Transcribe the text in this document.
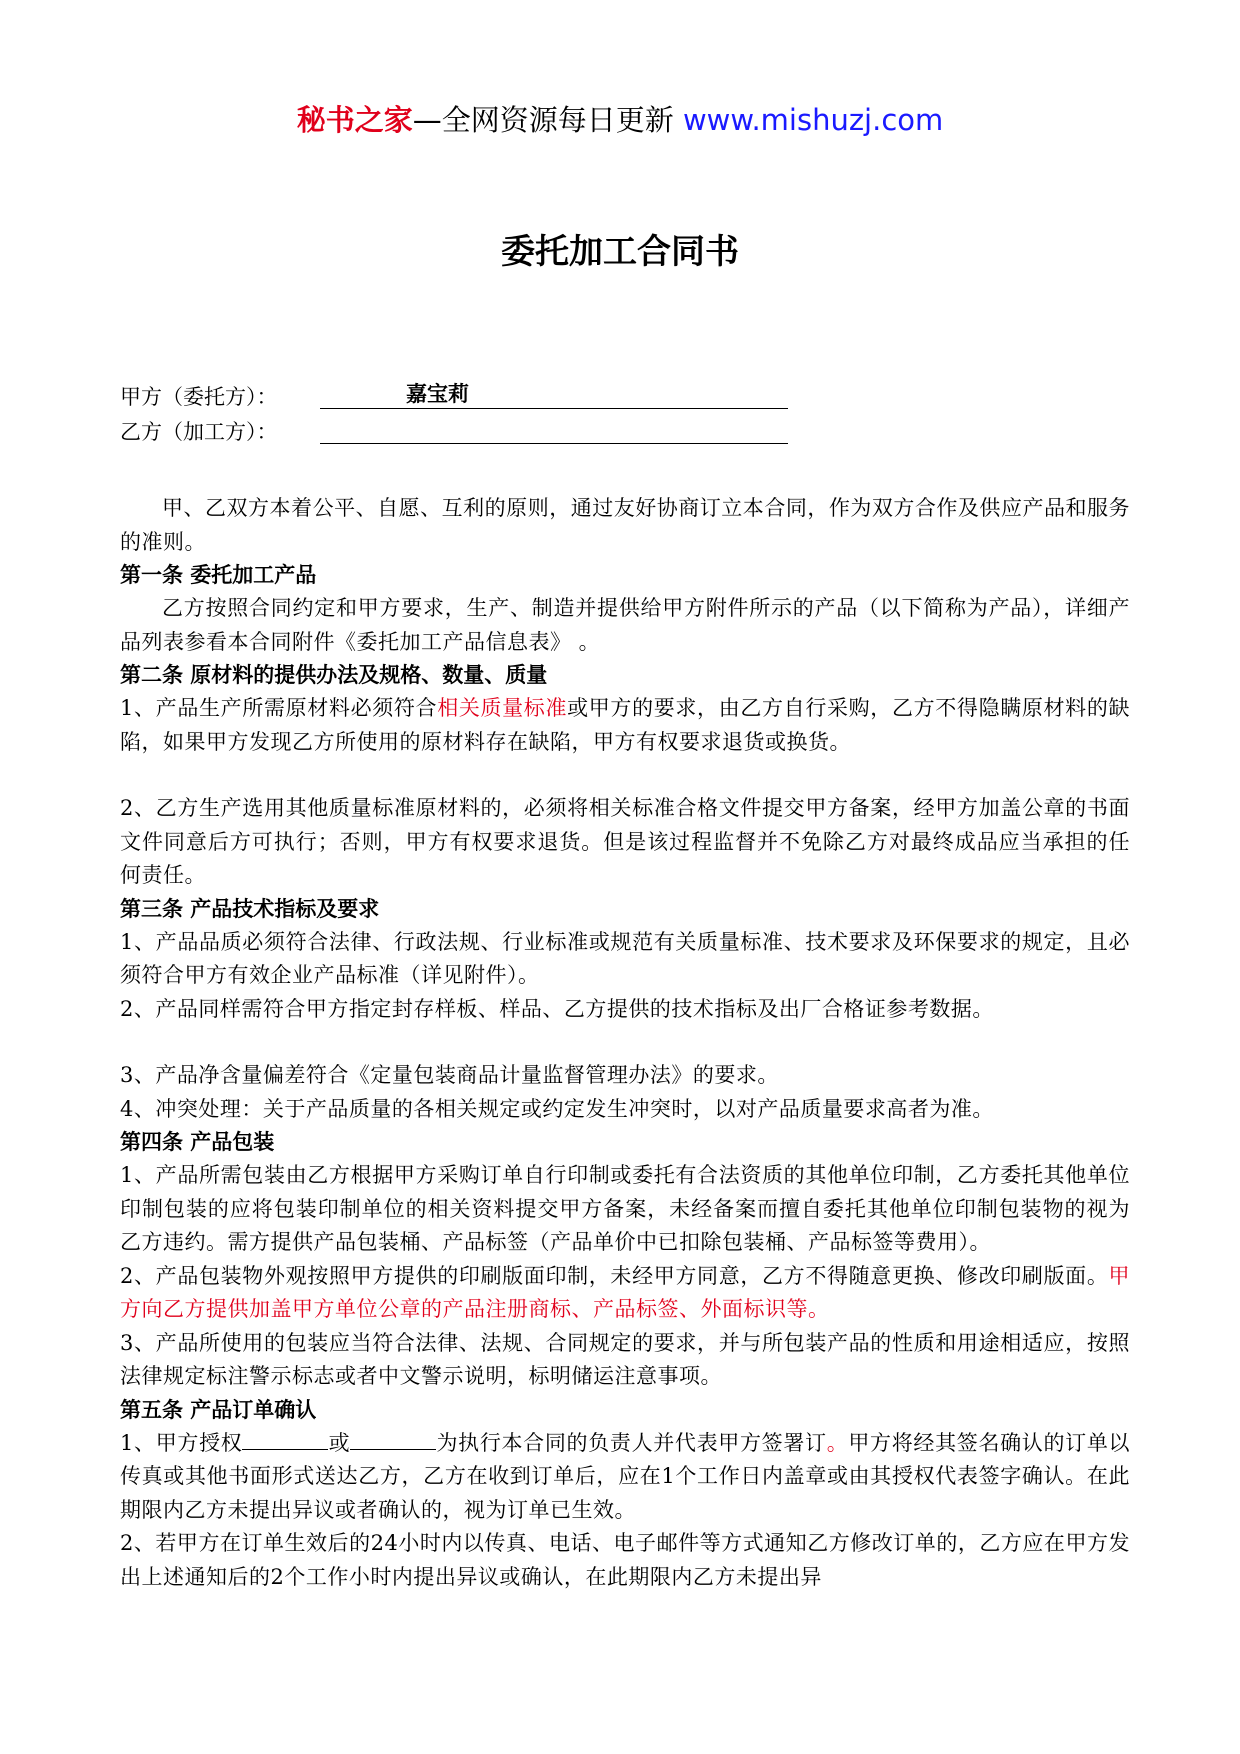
秘书之家—全网资源每日更新 www.mishuzj.com
委托加工合同书
甲方（委托方）：	嘉宝莉
乙方（加工方）：

甲、乙双方本着公平、自愿、互利的原则，通过友好协商订立本合同，作为双方合作及供应产品和服务的准则。

第一条 委托加工产品

乙方按照合同约定和甲方要求，生产、制造并提供给甲方附件所示的产品（以下简称为产品），详细产品列表参看本合同附件《委托加工产品信息表》 。

第二条 原材料的提供办法及规格、数量、质量

1、产品生产所需原材料必须符合相关质量标准或甲方的要求，由乙方自行采购，乙方不得隐瞒原材料的缺陷，如果甲方发现乙方所使用的原材料存在缺陷，甲方有权要求退货或换货。

2、乙方生产选用其他质量标准原材料的，必须将相关标准合格文件提交甲方备案，经甲方加盖公章的书面文件同意后方可执行；否则，甲方有权要求退货。但是该过程监督并不免除乙方对最终成品应当承担的任何责任。

第三条 产品技术指标及要求

1、产品品质必须符合法律、行政法规、行业标准或规范有关质量标准、技术要求及环保要求的规定，且必须符合甲方有效企业产品标准（详见附件）。

2、产品同样需符合甲方指定封存样板、样品、乙方提供的技术指标及出厂合格证参考数据。

3、产品净含量偏差符合《定量包装商品计量监督管理办法》的要求。

4、冲突处理：关于产品质量的各相关规定或约定发生冲突时，以对产品质量要求高者为准。

第四条 产品包装

1、产品所需包装由乙方根据甲方采购订单自行印制或委托有合法资质的其他单位印制，乙方委托其他单位印制包装的应将包装印制单位的相关资料提交甲方备案，未经备案而擅自委托其他单位印制包装物的视为乙方违约。需方提供产品包装桶、产品标签（产品单价中已扣除包装桶、产品标签等费用）。

2、产品包装物外观按照甲方提供的印刷版面印制，未经甲方同意，乙方不得随意更换、修改印刷版面。甲方向乙方提供加盖甲方单位公章的产品注册商标、产品标签、外面标识等。

3、产品所使用的包装应当符合法律、法规、合同规定的要求，并与所包装产品的性质和用途相适应，按照法律规定标注警示标志或者中文警示说明，标明储运注意事项。

第五条 产品订单确认

1、甲方授权	或	为执行本合同的负责人并代表甲方签署订。甲方将经其签名确认的订单以传真或其他书面形式送达乙方，乙方在收到订单后，应在1个工作日内盖章或由其授权代表签字确认。在此期限内乙方未提出异议或者确认的，视为订单已生效。

2、若甲方在订单生效后的24小时内以传真、电话、电子邮件等方式通知乙方修改订单的，乙方应在甲方发出上述通知后的2个工作小时内提出异议或确认，在此期限内乙方未提出异
